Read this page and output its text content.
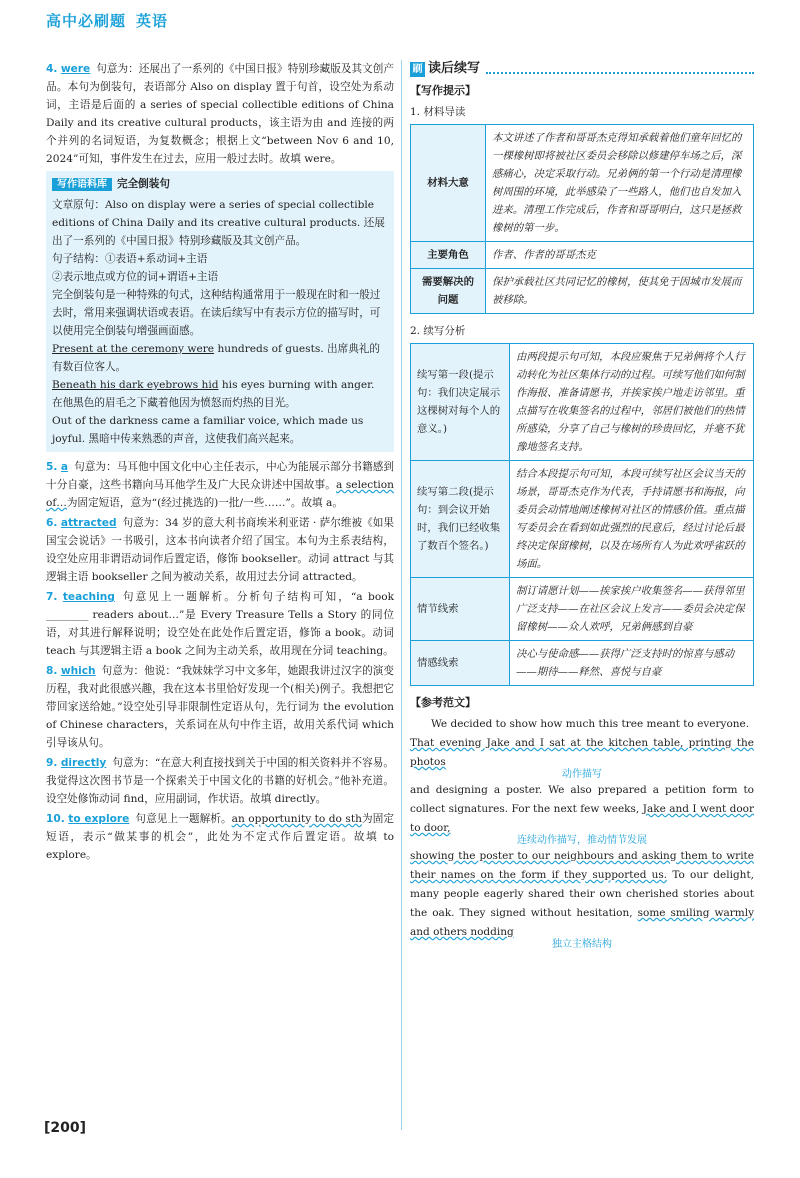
高中必刷题 英语
4. were 句意为：还展出了一系列的《中国日报》特别珍藏版及其文创产品。本句为倒装句，表语部分 Also on display 置于句首，设空处为系动词，主语是后面的 a series of special collectible editions of China Daily and its creative cultural products，该主语为由 and 连接的两个并列的名词短语，为复数概念；根据上文“between Nov 6 and 10, 2024”可知，事件发生在过去，应用一般过去时。故填 were。
写作语料库 完全倒装句
文章原句：Also on display were a series of special collectible editions of China Daily and its creative cultural products. 还展出了一系列的《中国日报》特别珍藏版及其文创产品。
句子结构：①表语+系动词+主语
②表示地点或方位的词+谓语+主语
完全倒装句是一种特殊的句式，这种结构通常用于一般现在时和一般过去时，常用来强调状语或表语。在读后续写中有表示方位的描写时，可以使用完全倒装句增强画面感。
Present at the ceremony were hundreds of guests. 出席典礼的有数百位客人。
Beneath his dark eyebrows hid his eyes burning with anger. 在他黑色的眉毛之下藏着他因为愤怒而灼热的目光。
Out of the darkness came a familiar voice, which made us joyful. 黑暗中传来熟悉的声音，这使我们高兴起来。
5. a 句意为：马耳他中国文化中心主任表示，中心为能展示部分书籍感到十分自豪，这些书籍向马耳他学生及广大民众讲述中国故事。a selection of…为固定短语，意为“(经过挑选的)一批/一些……”。故填 a。
6. attracted 句意为：34 岁的意大利书商埃米利亚诺 · 萨尔维被《如果国宝会说话》一书吸引，这本书向读者介绍了国宝。本句为主系表结构，设空处应用非谓语动词作后置定语，修饰 bookseller。动词 attract 与其逻辑主语 bookseller 之间为被动关系，故用过去分词 attracted。
7. teaching 句意见上一题解析。分析句子结构可知，“a book ________ readers about…”是 Every Treasure Tells a Story 的同位语，对其进行解释说明；设空处在此处作后置定语，修饰 a book。动词 teach 与其逻辑主语 a book 之间为主动关系，故用现在分词 teaching。
8. which 句意为：他说：“我妹妹学习中文多年，她跟我讲过汉字的演变历程，我对此很感兴趣，我在这本书里恰好发现一个(相关)例子。我想把它带回家送给她。”设空处引导非限制性定语从句，先行词为 the evolution of Chinese characters，关系词在从句中作主语，故用关系代词 which 引导该从句。
9. directly 句意为：“在意大利直接找到关于中国的相关资料并不容易。我觉得这次图书节是一个探索关于中国文化的书籍的好机会。”他补充道。设空处修饰动词 find，应用副词，作状语。故填 directly。
10. to explore 句意见上一题解析。an opportunity to do sth为固定短语，表示“做某事的机会”，此处为不定式作后置定语。故填 to explore。
刷 读后续写
【写作提示】
1. 材料导读
材料大意	本文讲述了作者和哥哥杰克得知承载着他们童年回忆的一棵橡树即将被社区委员会移除以修建停车场之后，深感痛心，决定采取行动。兄弟俩的第一个行动是清理橡树周围的环境，此举感染了一些路人，他们也自发加入进来。清理工作完成后，作者和哥哥明白，这只是拯救橡树的第一步。
主要角色	作者、作者的哥哥杰克
需要解决的问题	保护承载社区共同记忆的橡树，使其免于因城市发展而被移除。
2. 续写分析
续写第一段(提示句：我们决定展示这棵树对每个人的意义。)	由两段提示句可知，本段应聚焦于兄弟俩将个人行动转化为社区集体行动的过程。可续写他们如何制作海报、准备请愿书，并挨家挨户地走访邻里。重点描写在收集签名的过程中，邻居们被他们的热情所感染，分享了自己与橡树的珍贵回忆，并毫不犹豫地签名支持。
续写第二段(提示句：到会议开始时，我们已经收集了数百个签名。)	结合本段提示句可知，本段可续写社区会议当天的场景，哥哥杰克作为代表，手持请愿书和海报，向委员会动情地阐述橡树对社区的情感价值。重点描写委员会在看到如此强烈的民意后，经过讨论后最终决定保留橡树，以及在场所有人为此欢呼雀跃的场面。
情节线索	制订请愿计划——挨家挨户收集签名——获得邻里广泛支持——在社区会议上发言——委员会决定保留橡树——众人欢呼，兄弟俩感到自豪
情感线索	决心与使命感——获得广泛支持时的惊喜与感动——期待——释然、喜悦与自豪
【参考范文】
We decided to show how much this tree meant to everyone.
That evening Jake and I sat at the kitchen table, printing the photos
动作描写
and designing a poster. We also prepared a petition form to collect signatures. For the next few weeks, Jake and I went door to door,
连续动作描写，推动情节发展
showing the poster to our neighbours and asking them to write their names on the form if they supported us. To our delight, many people eagerly shared their own cherished stories about the oak. They signed without hesitation, some smiling warmly and others nodding
独立主格结构
[200]
